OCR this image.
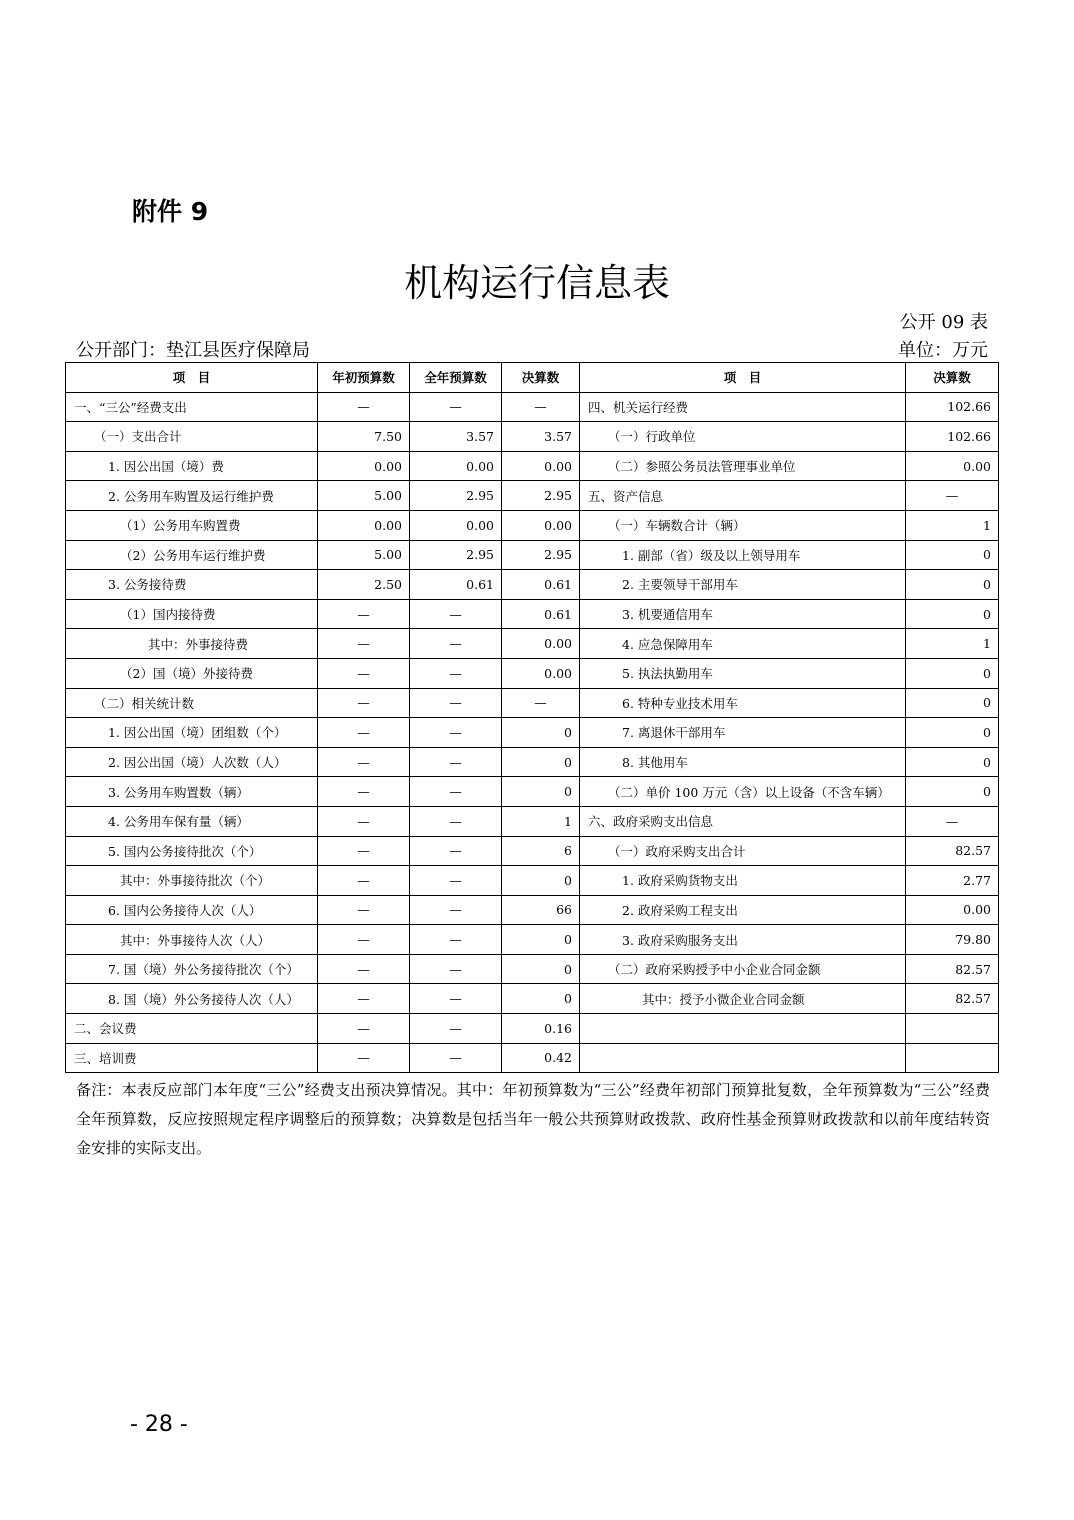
附件 9
机构运行信息表
公开 09 表
公开部门：垫江县医疗保障局	单位：万元
项　目	年初预算数	全年预算数	决算数	项　目	决算数
一、“三公”经费支出	—	—	—	四、机关运行经费	102.66
（一）支出合计	7.50	3.57	3.57	（一）行政单位	102.66
1. 因公出国（境）费	0.00	0.00	0.00	（二）参照公务员法管理事业单位	0.00
2. 公务用车购置及运行维护费	5.00	2.95	2.95	五、资产信息	—
（1）公务用车购置费	0.00	0.00	0.00	（一）车辆数合计（辆）	1
（2）公务用车运行维护费	5.00	2.95	2.95	1. 副部（省）级及以上领导用车	0
3. 公务接待费	2.50	0.61	0.61	2. 主要领导干部用车	0
（1）国内接待费	—	—	0.61	3. 机要通信用车	0
其中：外事接待费	—	—	0.00	4. 应急保障用车	1
（2）国（境）外接待费	—	—	0.00	5. 执法执勤用车	0
（二）相关统计数	—	—	—	6. 特种专业技术用车	0
1. 因公出国（境）团组数（个）	—	—	0	7. 离退休干部用车	0
2. 因公出国（境）人次数（人）	—	—	0	8. 其他用车	0
3. 公务用车购置数（辆）	—	—	0	（二）单价 100 万元（含）以上设备（不含车辆）	0
4. 公务用车保有量（辆）	—	—	1	六、政府采购支出信息	—
5. 国内公务接待批次（个）	—	—	6	（一）政府采购支出合计	82.57
其中：外事接待批次（个）	—	—	0	1. 政府采购货物支出	2.77
6. 国内公务接待人次（人）	—	—	66	2. 政府采购工程支出	0.00
其中：外事接待人次（人）	—	—	0	3. 政府采购服务支出	79.80
7. 国（境）外公务接待批次（个）	—	—	0	（二）政府采购授予中小企业合同金额	82.57
8. 国（境）外公务接待人次（人）	—	—	0	其中：授予小微企业合同金额	82.57
二、会议费	—	—	0.16		
三、培训费	—	—	0.42		
备注：本表反应部门本年度“三公”经费支出预决算情况。其中：年初预算数为“三公”经费年初部门预算批复数，全年预算数为“三公”经费全年预算数，反应按照规定程序调整后的预算数；决算数是包括当年一般公共预算财政拨款、政府性基金预算财政拨款和以前年度结转资金安排的实际支出。
- 28 -
